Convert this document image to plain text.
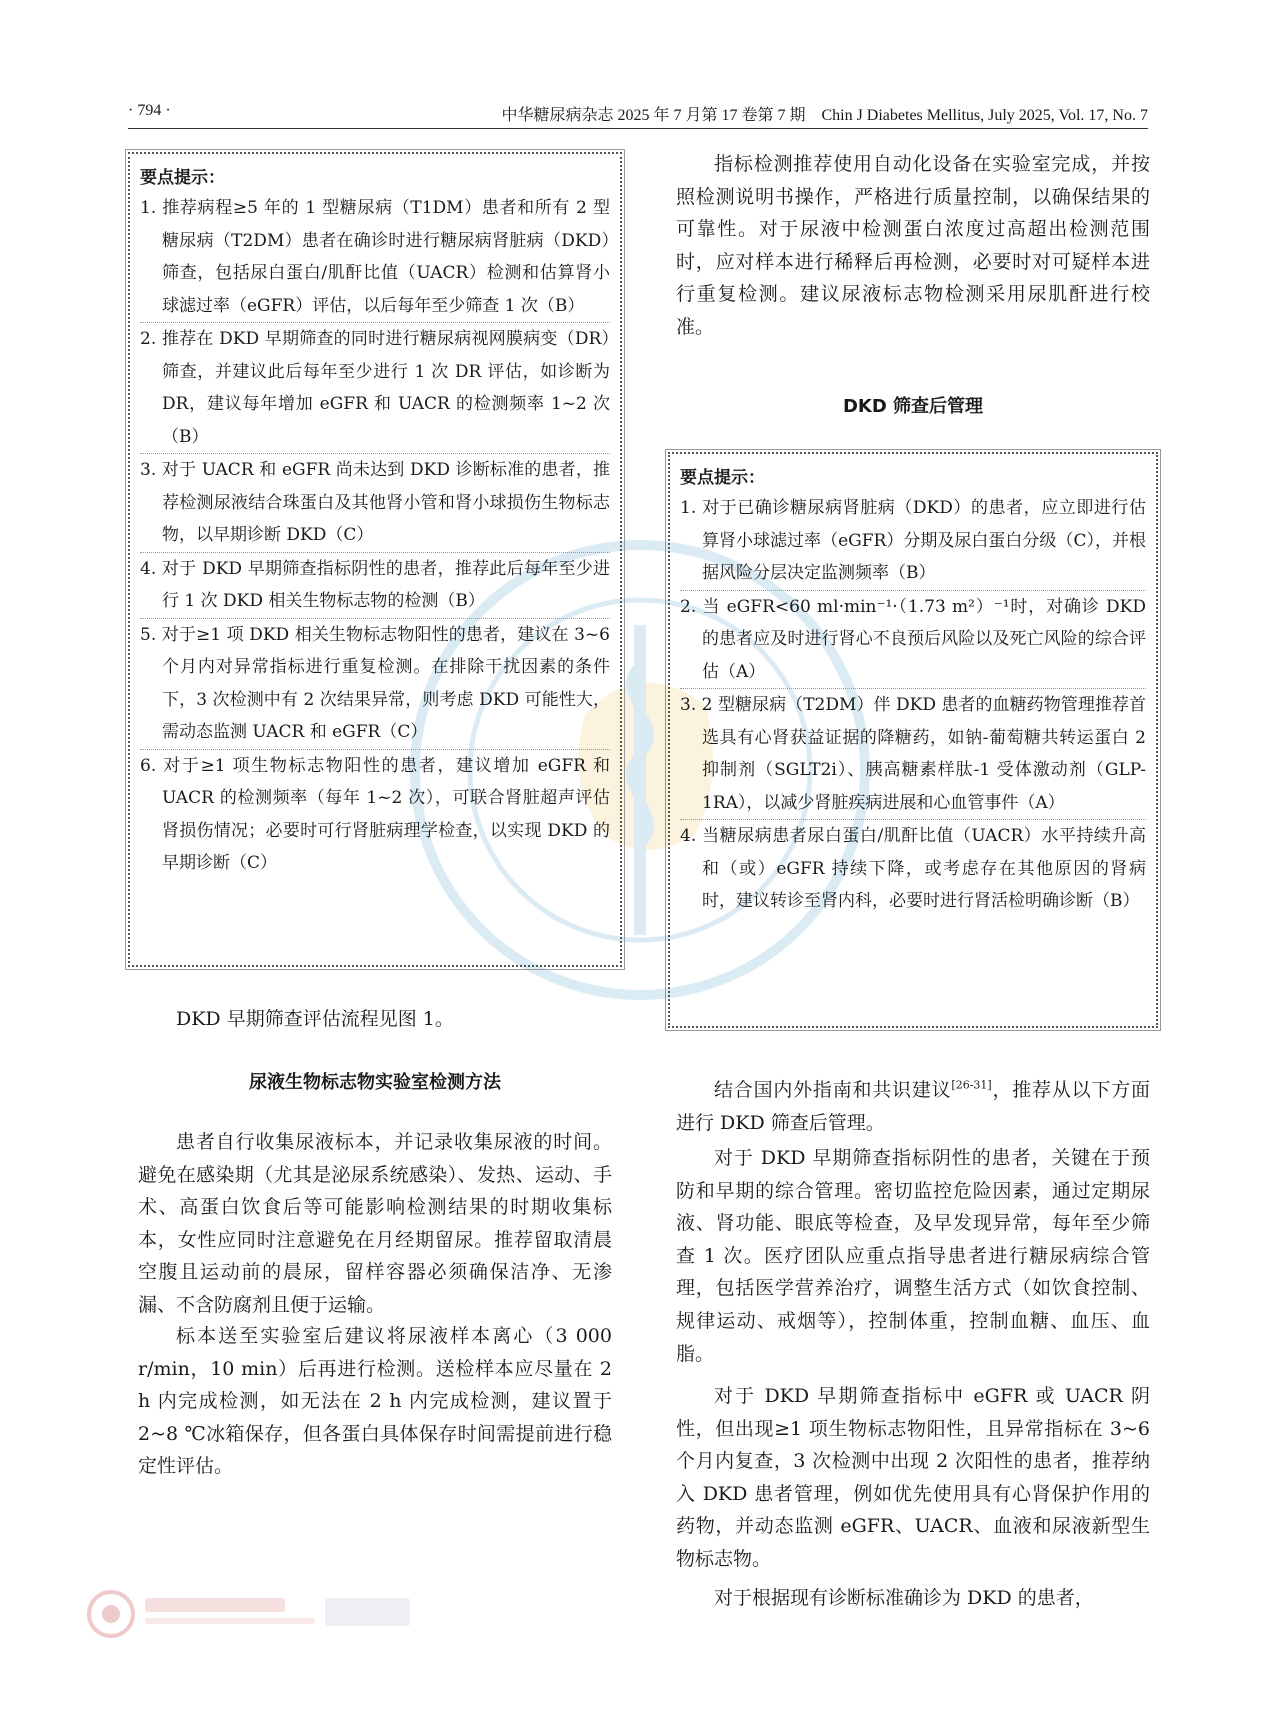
· 794 ·	中华糖尿病杂志 2025 年 7 月第 17 卷第 7 期　Chin J Diabetes Mellitus, July 2025, Vol. 17, No. 7
要点提示：
1. 推荐病程≥5 年的 1 型糖尿病（T1DM）患者和所有 2 型糖尿病（T2DM）患者在确诊时进行糖尿病肾脏病（DKD）筛查，包括尿白蛋白/肌酐比值（UACR）检测和估算肾小球滤过率（eGFR）评估，以后每年至少筛查 1 次（B）
2. 推荐在 DKD 早期筛查的同时进行糖尿病视网膜病变（DR）筛查，并建议此后每年至少进行 1 次 DR 评估，如诊断为 DR，建议每年增加 eGFR 和 UACR 的检测频率 1~2 次（B）
3. 对于 UACR 和 eGFR 尚未达到 DKD 诊断标准的患者，推荐检测尿液结合珠蛋白及其他肾小管和肾小球损伤生物标志物，以早期诊断 DKD（C）
4. 对于 DKD 早期筛查指标阴性的患者，推荐此后每年至少进行 1 次 DKD 相关生物标志物的检测（B）
5. 对于≥1 项 DKD 相关生物标志物阳性的患者，建议在 3~6 个月内对异常指标进行重复检测。在排除干扰因素的条件下，3 次检测中有 2 次结果异常，则考虑 DKD 可能性大，需动态监测 UACR 和 eGFR（C）
6. 对于≥1 项生物标志物阳性的患者，建议增加 eGFR 和 UACR 的检测频率（每年 1~2 次），可联合肾脏超声评估肾损伤情况；必要时可行肾脏病理学检查，以实现 DKD 的早期诊断（C）
DKD 早期筛查评估流程见图 1。
尿液生物标志物实验室检测方法
患者自行收集尿液标本，并记录收集尿液的时间。避免在感染期（尤其是泌尿系统感染）、发热、运动、手术、高蛋白饮食后等可能影响检测结果的时期收集标本，女性应同时注意避免在月经期留尿。推荐留取清晨空腹且运动前的晨尿，留样容器必须确保洁净、无渗漏、不含防腐剂且便于运输。
标本送至实验室后建议将尿液样本离心（3 000 r/min，10 min）后再进行检测。送检样本应尽量在 2 h 内完成检测，如无法在 2 h 内完成检测，建议置于 2~8 ℃冰箱保存，但各蛋白具体保存时间需提前进行稳定性评估。
指标检测推荐使用自动化设备在实验室完成，并按照检测说明书操作，严格进行质量控制，以确保结果的可靠性。对于尿液中检测蛋白浓度过高超出检测范围时，应对样本进行稀释后再检测，必要时对可疑样本进行重复检测。建议尿液标志物检测采用尿肌酐进行校准。
DKD 筛查后管理
要点提示：
1. 对于已确诊糖尿病肾脏病（DKD）的患者，应立即进行估算肾小球滤过率（eGFR）分期及尿白蛋白分级（C），并根据风险分层决定监测频率（B）
2. 当 eGFR<60 ml·min⁻¹·（1.73 m²）⁻¹时，对确诊 DKD 的患者应及时进行肾心不良预后风险以及死亡风险的综合评估（A）
3. 2 型糖尿病（T2DM）伴 DKD 患者的血糖药物管理推荐首选具有心肾获益证据的降糖药，如钠-葡萄糖共转运蛋白 2 抑制剂（SGLT2i）、胰高糖素样肽-1 受体激动剂（GLP-1RA），以减少肾脏疾病进展和心血管事件（A）
4. 当糖尿病患者尿白蛋白/肌酐比值（UACR）水平持续升高和（或）eGFR 持续下降，或考虑存在其他原因的肾病时，建议转诊至肾内科，必要时进行肾活检明确诊断（B）
结合国内外指南和共识建议[26-31]，推荐从以下方面进行 DKD 筛查后管理。
对于 DKD 早期筛查指标阴性的患者，关键在于预防和早期的综合管理。密切监控危险因素，通过定期尿液、肾功能、眼底等检查，及早发现异常，每年至少筛查 1 次。医疗团队应重点指导患者进行糖尿病综合管理，包括医学营养治疗，调整生活方式（如饮食控制、规律运动、戒烟等），控制体重，控制血糖、血压、血脂。
对于 DKD 早期筛查指标中 eGFR 或 UACR 阴性，但出现≥1 项生物标志物阳性，且异常指标在 3~6 个月内复查，3 次检测中出现 2 次阳性的患者，推荐纳入 DKD 患者管理，例如优先使用具有心肾保护作用的药物，并动态监测 eGFR、UACR、血液和尿液新型生物标志物。
对于根据现有诊断标准确诊为 DKD 的患者，
